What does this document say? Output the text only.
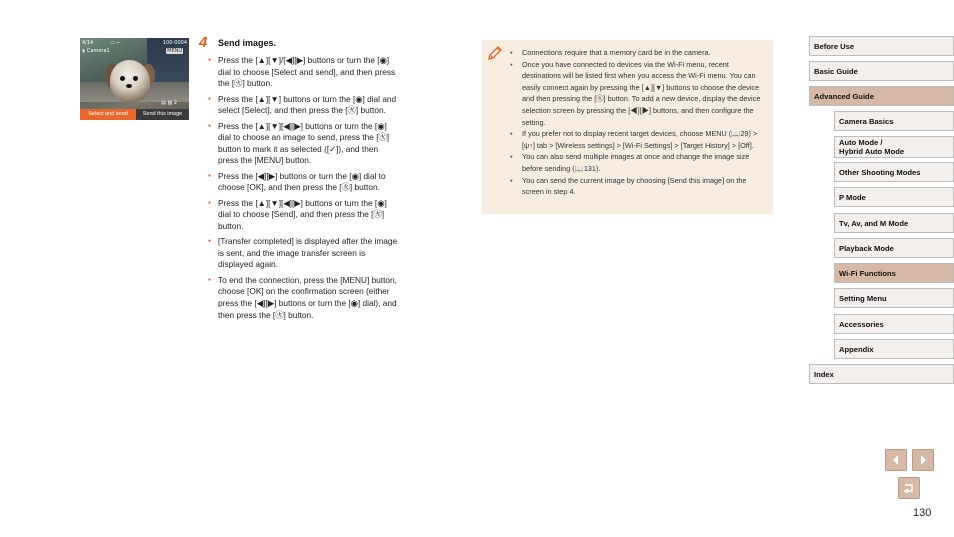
4/14	▭ ⌐	100-0004
ψ Camera1	MENU
▤ ▨ 2
Select and send	Send this image
4 Send images.
● Press the [▲][▼]/[◀][▶] buttons or turn the [◉] dial to choose [Select and send], and then press the [㊋] button.
● Press the [▲][▼] buttons or turn the [◉] dial and select [Select], and then press the [㊋] button.
● Press the [▲][▼][◀][▶] buttons or turn the [◉] dial to choose an image to send, press the [㊋] button to mark it as selected ([✓]), and then press the [MENU] button.
● Press the [◀][▶] buttons or turn the [◉] dial to choose [OK], and then press the [㊋] button.
● Press the [▲][▼][◀][▶] buttons or turn the [◉] dial to choose [Send], and then press the [㊋] button.
● [Transfer completed] is displayed after the image is sent, and the image transfer screen is displayed again.
● To end the connection, press the [MENU] button, choose [OK] on the confirmation screen (either press the [◀][▶] buttons or turn the [◉] dial), and then press the [㊋] button.
● Connections require that a memory card be in the camera.
● Once you have connected to devices via the Wi-Fi menu, recent destinations will be listed first when you access the Wi-Fi menu. You can easily connect again by pressing the [▲][▼] buttons to choose the device and then pressing the [㊋] button. To add a new device, display the device selection screen by pressing the [◀][▶] buttons, and then configure the setting.
● If you prefer not to display recent target devices, choose MENU (📖29) > [ψ↑] tab > [Wireless settings] > [Wi-Fi Settings] > [Target History] > [Off].
● You can also send multiple images at once and change the image size before sending (📖131).
● You can send the current image by choosing [Send this image] on the screen in step 4.
Before Use
Basic Guide
Advanced Guide
Camera Basics
Auto Mode /
Hybrid Auto Mode
Other Shooting Modes
P Mode
Tv, Av, and M Mode
Playback Mode
Wi-Fi Functions
Setting Menu
Accessories
Appendix
Index
130
